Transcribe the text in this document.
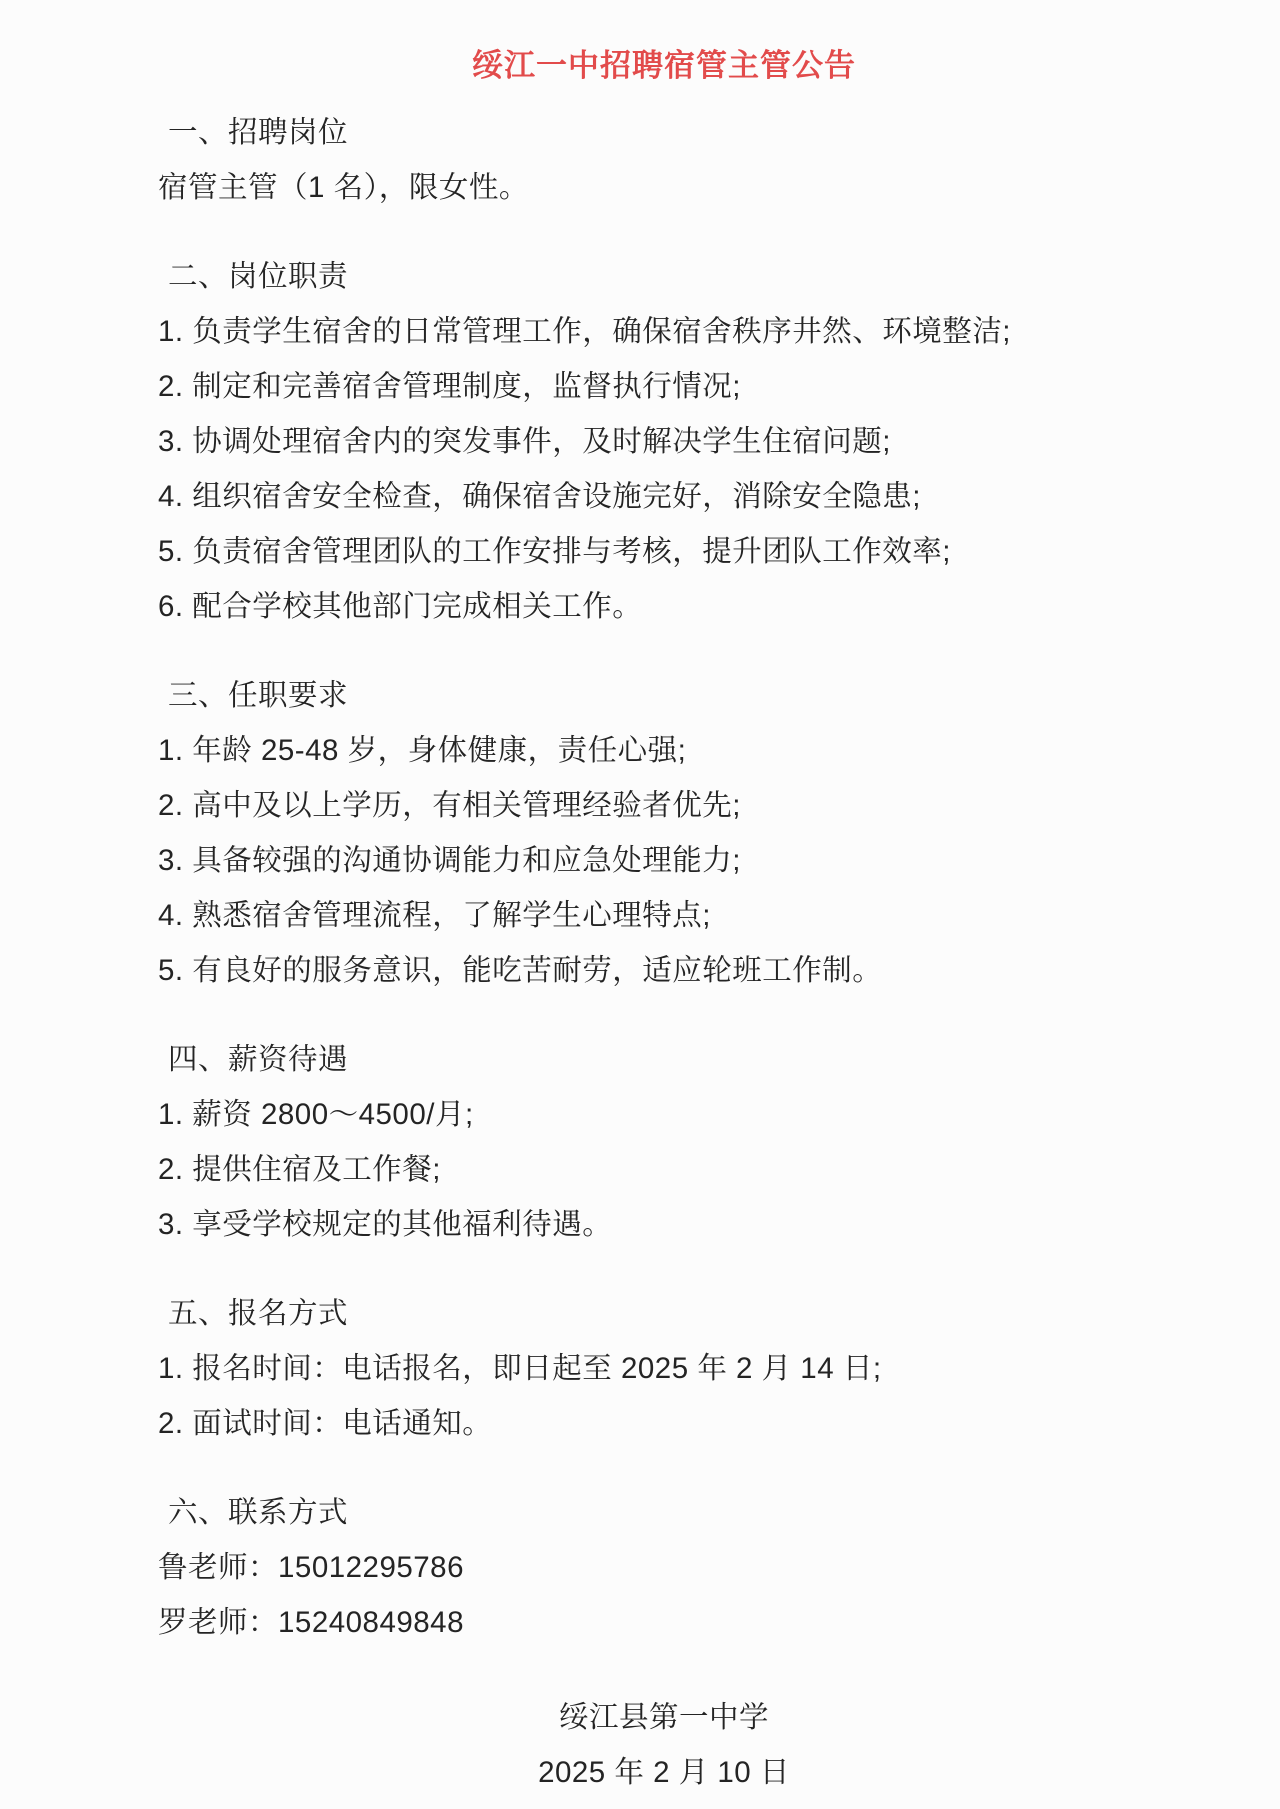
绥江一中招聘宿管主管公告
一、招聘岗位

宿管主管（1 名），限女性。

二、岗位职责

1. 负责学生宿舍的日常管理工作，确保宿舍秩序井然、环境整洁;

2. 制定和完善宿舍管理制度，监督执行情况;

3. 协调处理宿舍内的突发事件，及时解决学生住宿问题;

4. 组织宿舍安全检查，确保宿舍设施完好，消除安全隐患;

5. 负责宿舍管理团队的工作安排与考核，提升团队工作效率;

6. 配合学校其他部门完成相关工作。

三、任职要求

1. 年龄 25-48 岁，身体健康，责任心强;

2. 高中及以上学历，有相关管理经验者优先;

3. 具备较强的沟通协调能力和应急处理能力;

4. 熟悉宿舍管理流程，了解学生心理特点;

5. 有良好的服务意识，能吃苦耐劳，适应轮班工作制。

四、薪资待遇

1. 薪资 2800～4500/月;

2. 提供住宿及工作餐;

3. 享受学校规定的其他福利待遇。

五、报名方式

1. 报名时间：电话报名，即日起至 2025 年 2 月 14 日;

2. 面试时间：电话通知。

六、联系方式

鲁老师：15012295786

罗老师：15240849848

绥江县第一中学

2025 年 2 月 10 日
